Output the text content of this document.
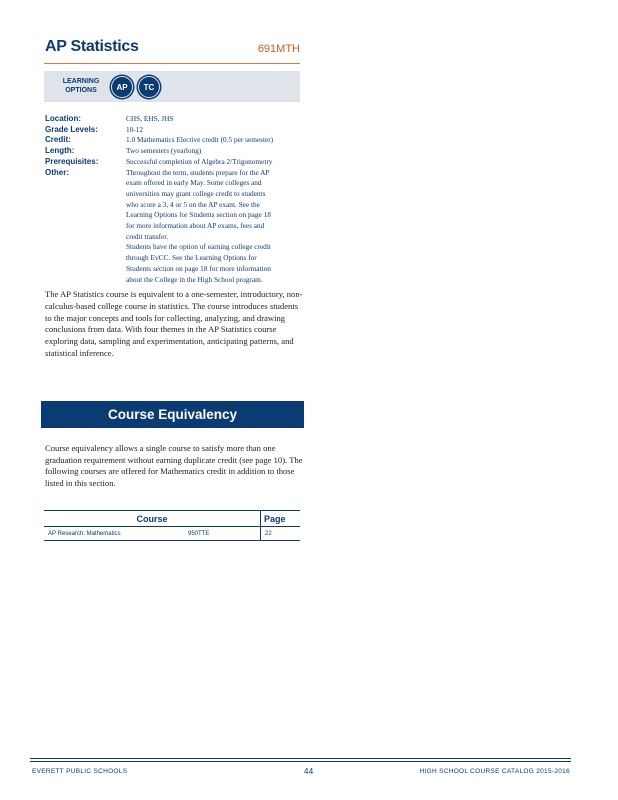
AP Statistics	691MTH
LEARNING
OPTIONS	AP	TC
Location:	CHS, EHS, JHS
Grade Levels:	10-12
Credit:	1.0 Mathematics Elective credit (0.5 per semester)
Length:	Two semesters (yearlong)
Prerequisites:	Successful completion of Algebra 2/Trigonometry
Other:	Throughout the term, students prepare for the AP

exam offered in early May. Some colleges and

universities may grant college credit to students

who score a 3, 4 or 5 on the AP exam. See the

Learning Options for Students section on page 18

for more information about AP exams, fees and

credit transfer.

Students have the option of earning college credit

through EvCC. See the Learning Options for

Students section on page 18 for more information

about the College in the High School program.

The AP Statistics course is equivalent to a one-semester, introductory, non-calculus-based college course in statistics. The course introduces students to the major concepts and tools for collecting, analyzing, and drawing conclusions from data. With four themes in the AP Statistics course exploring data, sampling and experimentation, anticipating patterns, and statistical inference.
Course Equivalency
Course equivalency allows a single course to satisfy more than one graduation requirement without earning duplicate credit (see page 10). The following courses are offered for Mathematics credit in addition to those listed in this section.
Course		Page
AP Research: Mathematics	950TTE	22
EVERETT PUBLIC SCHOOLS	44	HIGH SCHOOL COURSE CATALOG 2015-2016
